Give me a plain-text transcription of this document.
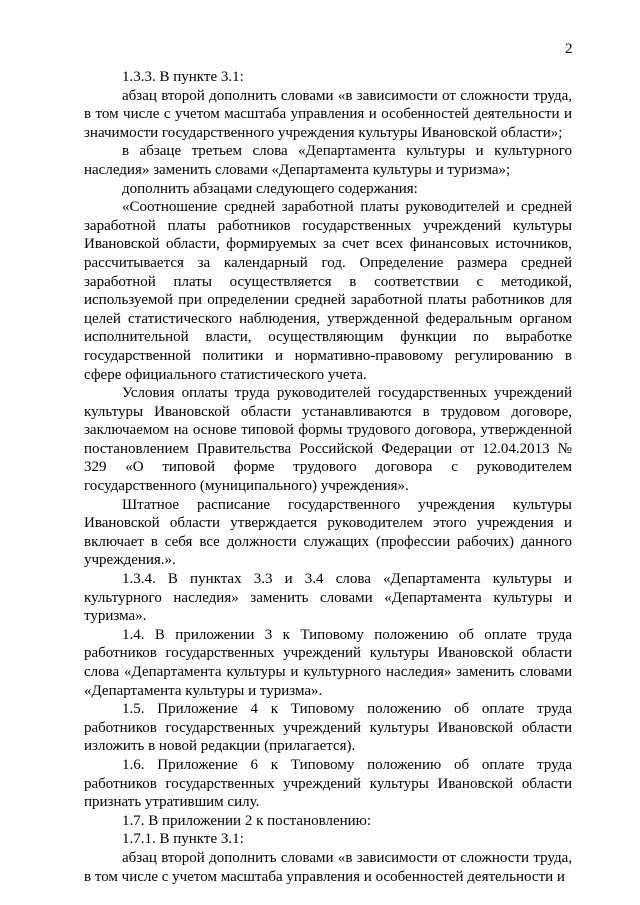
2

1.3.3. В пункте 3.1:

абзац второй дополнить словами «в зависимости от сложности труда, в том числе с учетом масштаба управления и особенностей деятельности и значимости государственного учреждения культуры Ивановской области»;

в абзаце третьем слова «Департамента культуры и культурного наследия» заменить словами «Департамента культуры и туризма»;

дополнить абзацами следующего содержания:

«Соотношение средней заработной платы руководителей и средней заработной платы работников государственных учреждений культуры Ивановской области, формируемых за счет всех финансовых источников, рассчитывается за календарный год. Определение размера средней заработной платы осуществляется в соответствии с методикой, используемой при определении средней заработной платы работников для целей статистического наблюдения, утвержденной федеральным органом исполнительной власти, осуществляющим функции по выработке государственной политики и нормативно-правовому регулированию в сфере официального статистического учета.

Условия оплаты труда руководителей государственных учреждений культуры Ивановской области устанавливаются в трудовом договоре, заключаемом на основе типовой формы трудового договора, утвержденной постановлением Правительства Российской Федерации от 12.04.2013 № 329 «О типовой форме трудового договора с руководителем государственного (муниципального) учреждения».

Штатное расписание государственного учреждения культуры Ивановской области утверждается руководителем этого учреждения и включает в себя все должности служащих (профессии рабочих) данного учреждения.».

1.3.4. В пунктах 3.3 и 3.4 слова «Департамента культуры и культурного наследия» заменить словами «Департамента культуры и туризма».

1.4. В приложении 3 к Типовому положению об оплате труда работников государственных учреждений культуры Ивановской области слова «Департамента культуры и культурного наследия» заменить словами «Департамента культуры и туризма».

1.5. Приложение 4 к Типовому положению об оплате труда работников государственных учреждений культуры Ивановской области изложить в новой редакции (прилагается).

1.6. Приложение 6 к Типовому положению об оплате труда работников государственных учреждений культуры Ивановской области признать утратившим силу.

1.7. В приложении 2 к постановлению:

1.7.1. В пункте 3.1:

абзац второй дополнить словами «в зависимости от сложности труда, в том числе с учетом масштаба управления и особенностей деятельности и
